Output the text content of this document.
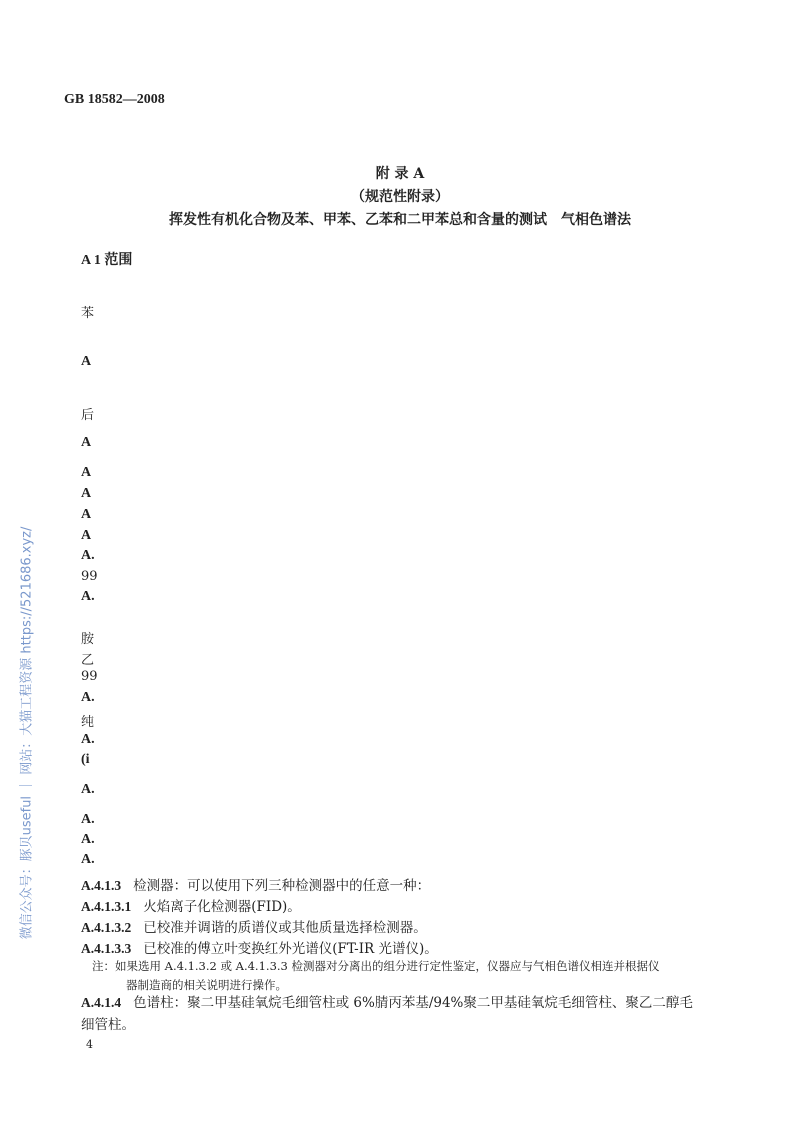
GB 18582—2008
附 录 A
（规范性附录）
挥发性有机化合物及苯、甲苯、乙苯和二甲苯总和含量的测试　气相色谱法
A 1 范围
苯
A
后
A
A
A
A
A
A.
99
A.
胺
乙
99
A.
纯
A.
(i
A.
A.
A.
A.
A.4.1.3 检测器：可以使用下列三种检测器中的任意一种：
A.4.1.3.1 火焰离子化检测器(FID)。
A.4.1.3.2 已校准并调谐的质谱仪或其他质量选择检测器。
A.4.1.3.3 已校准的傅立叶变换红外光谱仪(FT-IR 光谱仪)。
注：如果选用 A.4.1.3.2 或 A.4.1.3.3 检测器对分离出的组分进行定性鉴定，仪器应与气相色谱仪相连并根据仪
器制造商的相关说明进行操作。
A.4.1.4 色谱柱：聚二甲基硅氧烷毛细管柱或 6%腈丙苯基/94%聚二甲基硅氧烷毛细管柱、聚乙二醇毛细管柱。
4
微信公众号：豚贝useful ｜ 网站：大猫工程资源 https://521686.xyz/
